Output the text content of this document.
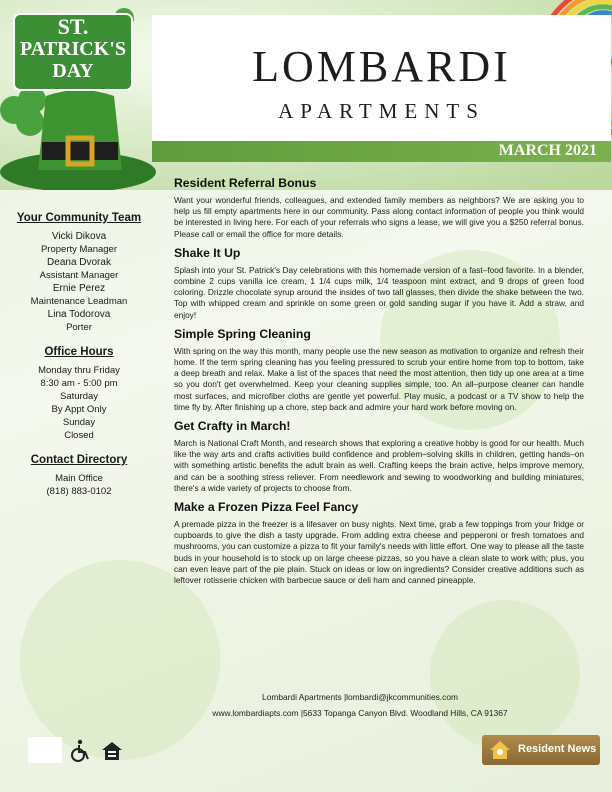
ST.
PATRICK'S
DAY	LOMBARDI
APARTMENTS
MARCH 2021
Your Community Team
Vicki Dikova
Property Manager
Deana Dvorak
Assistant Manager
Ernie Perez
Maintenance Leadman
Lina Todorova
Porter
Office Hours
Monday thru Friday
8:30 am - 5:00 pm
Saturday
By Appt Only
Sunday
Closed
Contact Directory
Main Office
(818) 883-0102
Resident Referral Bonus

Want your wonderful friends, colleagues, and extended family members as neighbors? We are asking you to help us fill empty apartments here in our community. Pass along contact information of people you think would be interested in living here. For each of your referrals who signs a lease, we will give you a $250 referral bonus. Please call or email the office for more details.

Shake It Up

Splash into your St. Patrick's Day celebrations with this homemade version of a fast–food favorite. In a blender, combine 2 cups vanilla ice cream, 1 1/4 cups milk, 1/4 teaspoon mint extract, and 9 drops of green food coloring. Drizzle chocolate syrup around the insides of two tall glasses, then divide the shake between the two. Top with whipped cream and sprinkle on some green or gold sanding sugar if you have it. Add a straw, and enjoy!

Simple Spring Cleaning

With spring on the way this month, many people use the new season as motivation to organize and refresh their home. If the term spring cleaning has you feeling pressured to scrub your entire home from top to bottom, take a deep breath and relax. Make a list of the spaces that need the most attention, then tidy up one area at a time so you don't get overwhelmed. Keep your cleaning supplies simple, too. An all–purpose cleaner can handle most surfaces, and microfiber cloths are gentle yet powerful. Play music, a podcast or a TV show to help the time fly by. After finishing up a chore, step back and admire your hard work before moving on.

Get Crafty in March!

March is National Craft Month, and research shows that exploring a creative hobby is good for our health. Much like the way arts and crafts activities build confidence and problem–solving skills in children, getting hands–on with something artistic benefits the adult brain as well. Crafting keeps the brain active, helps improve memory, and can be a soothing stress reliever. From needlework and sewing to woodworking and building miniatures, there's a wide variety of projects to choose from.

Make a Frozen Pizza Feel Fancy

A premade pizza in the freezer is a lifesaver on busy nights. Next time, grab a few toppings from your fridge or cupboards to give the dish a tasty upgrade. From adding extra cheese and pepperoni or fresh tomatoes and mushrooms, you can customize a pizza to fit your family's needs with little effort. One way to please all the taste buds in your household is to stock up on large cheese pizzas, so you have a clean slate to work with; plus, you can even leave part of the pie plain. Stuck on ideas or low on ingredients? Consider creative additions such as leftover rotisserie chicken with barbecue sauce or deli ham and canned pineapple.

Lombardi Apartments |lombardi@jkcommunities.com
www.lombardiapts.com |5633 Topanga Canyon Blvd. Woodland Hills, CA 91367
Resident News
